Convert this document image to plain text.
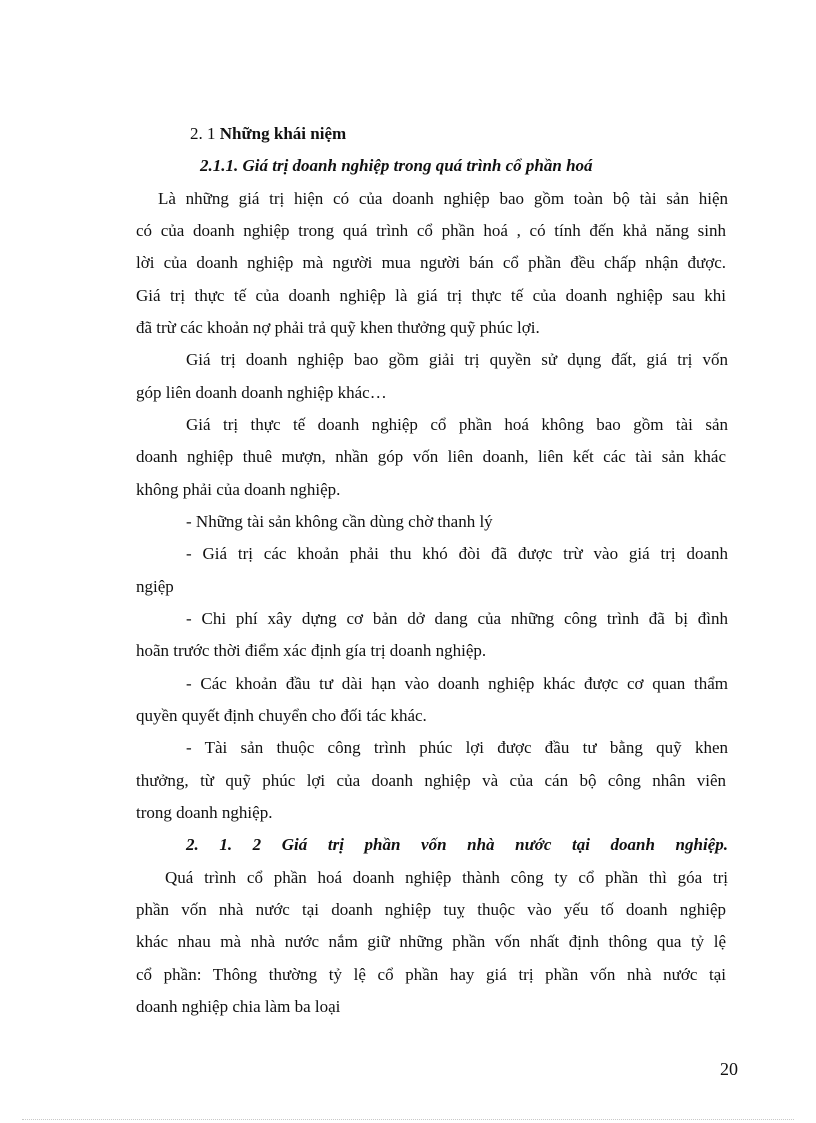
2. 1 Những khái niệm
2.1.1. Giá trị doanh nghiệp trong quá trình cổ phần hoá
Là những giá trị hiện có của doanh nghiệp bao gồm toàn bộ tài sản hiện
có của doanh nghiệp trong quá trình cổ phần hoá , có tính đến khả năng sinh
lời của doanh nghiệp mà người mua người bán cổ phần đều chấp nhận được.
Giá trị thực tế của doanh nghiệp là giá trị thực tế của doanh nghiệp sau khi
đã trừ các khoản nợ phải trả quỹ khen thưởng quỹ phúc lợi.
Giá trị doanh nghiệp bao gồm giải trị quyền sử dụng đất, giá trị vốn
góp liên doanh doanh nghiệp khác…
Giá trị thực tế doanh nghiệp cổ phần hoá không bao gồm tài sản
doanh nghiệp thuê mượn, nhần góp vốn liên doanh, liên kết các tài sản khác
không phải của doanh nghiệp.
- Những tài sản không cần dùng chờ thanh lý
- Giá trị các khoản phải thu khó đòi đã được trừ vào giá trị doanh
ngiệp
- Chi phí xây dựng cơ bản dở dang của những công trình đã bị đình
hoãn trước thời điểm xác định gía trị doanh nghiệp.
- Các khoản đầu tư dài hạn vào doanh nghiệp khác được cơ quan thẩm
quyền quyết định chuyển cho đối tác khác.
- Tài sản thuộc công trình phúc lợi được đầu tư bằng quỹ khen
thưởng, từ quỹ phúc lợi của doanh nghiệp và của cán bộ công nhân viên
trong doanh nghiệp.
2. 1. 2 Giá trị phần vốn nhà nước tại doanh nghiệp.
Quá trình cổ phần hoá doanh nghiệp thành công ty cổ phần thì góa trị
phần vốn nhà nước tại doanh nghiệp tuỵ thuộc vào yếu tố doanh nghiệp
khác nhau mà nhà nước nắm giữ những phần vốn nhất định thông qua tỷ lệ
cổ phần: Thông thường tỷ lệ cổ phần hay giá trị phần vốn nhà nước tại
doanh nghiệp chia làm ba loại
20
